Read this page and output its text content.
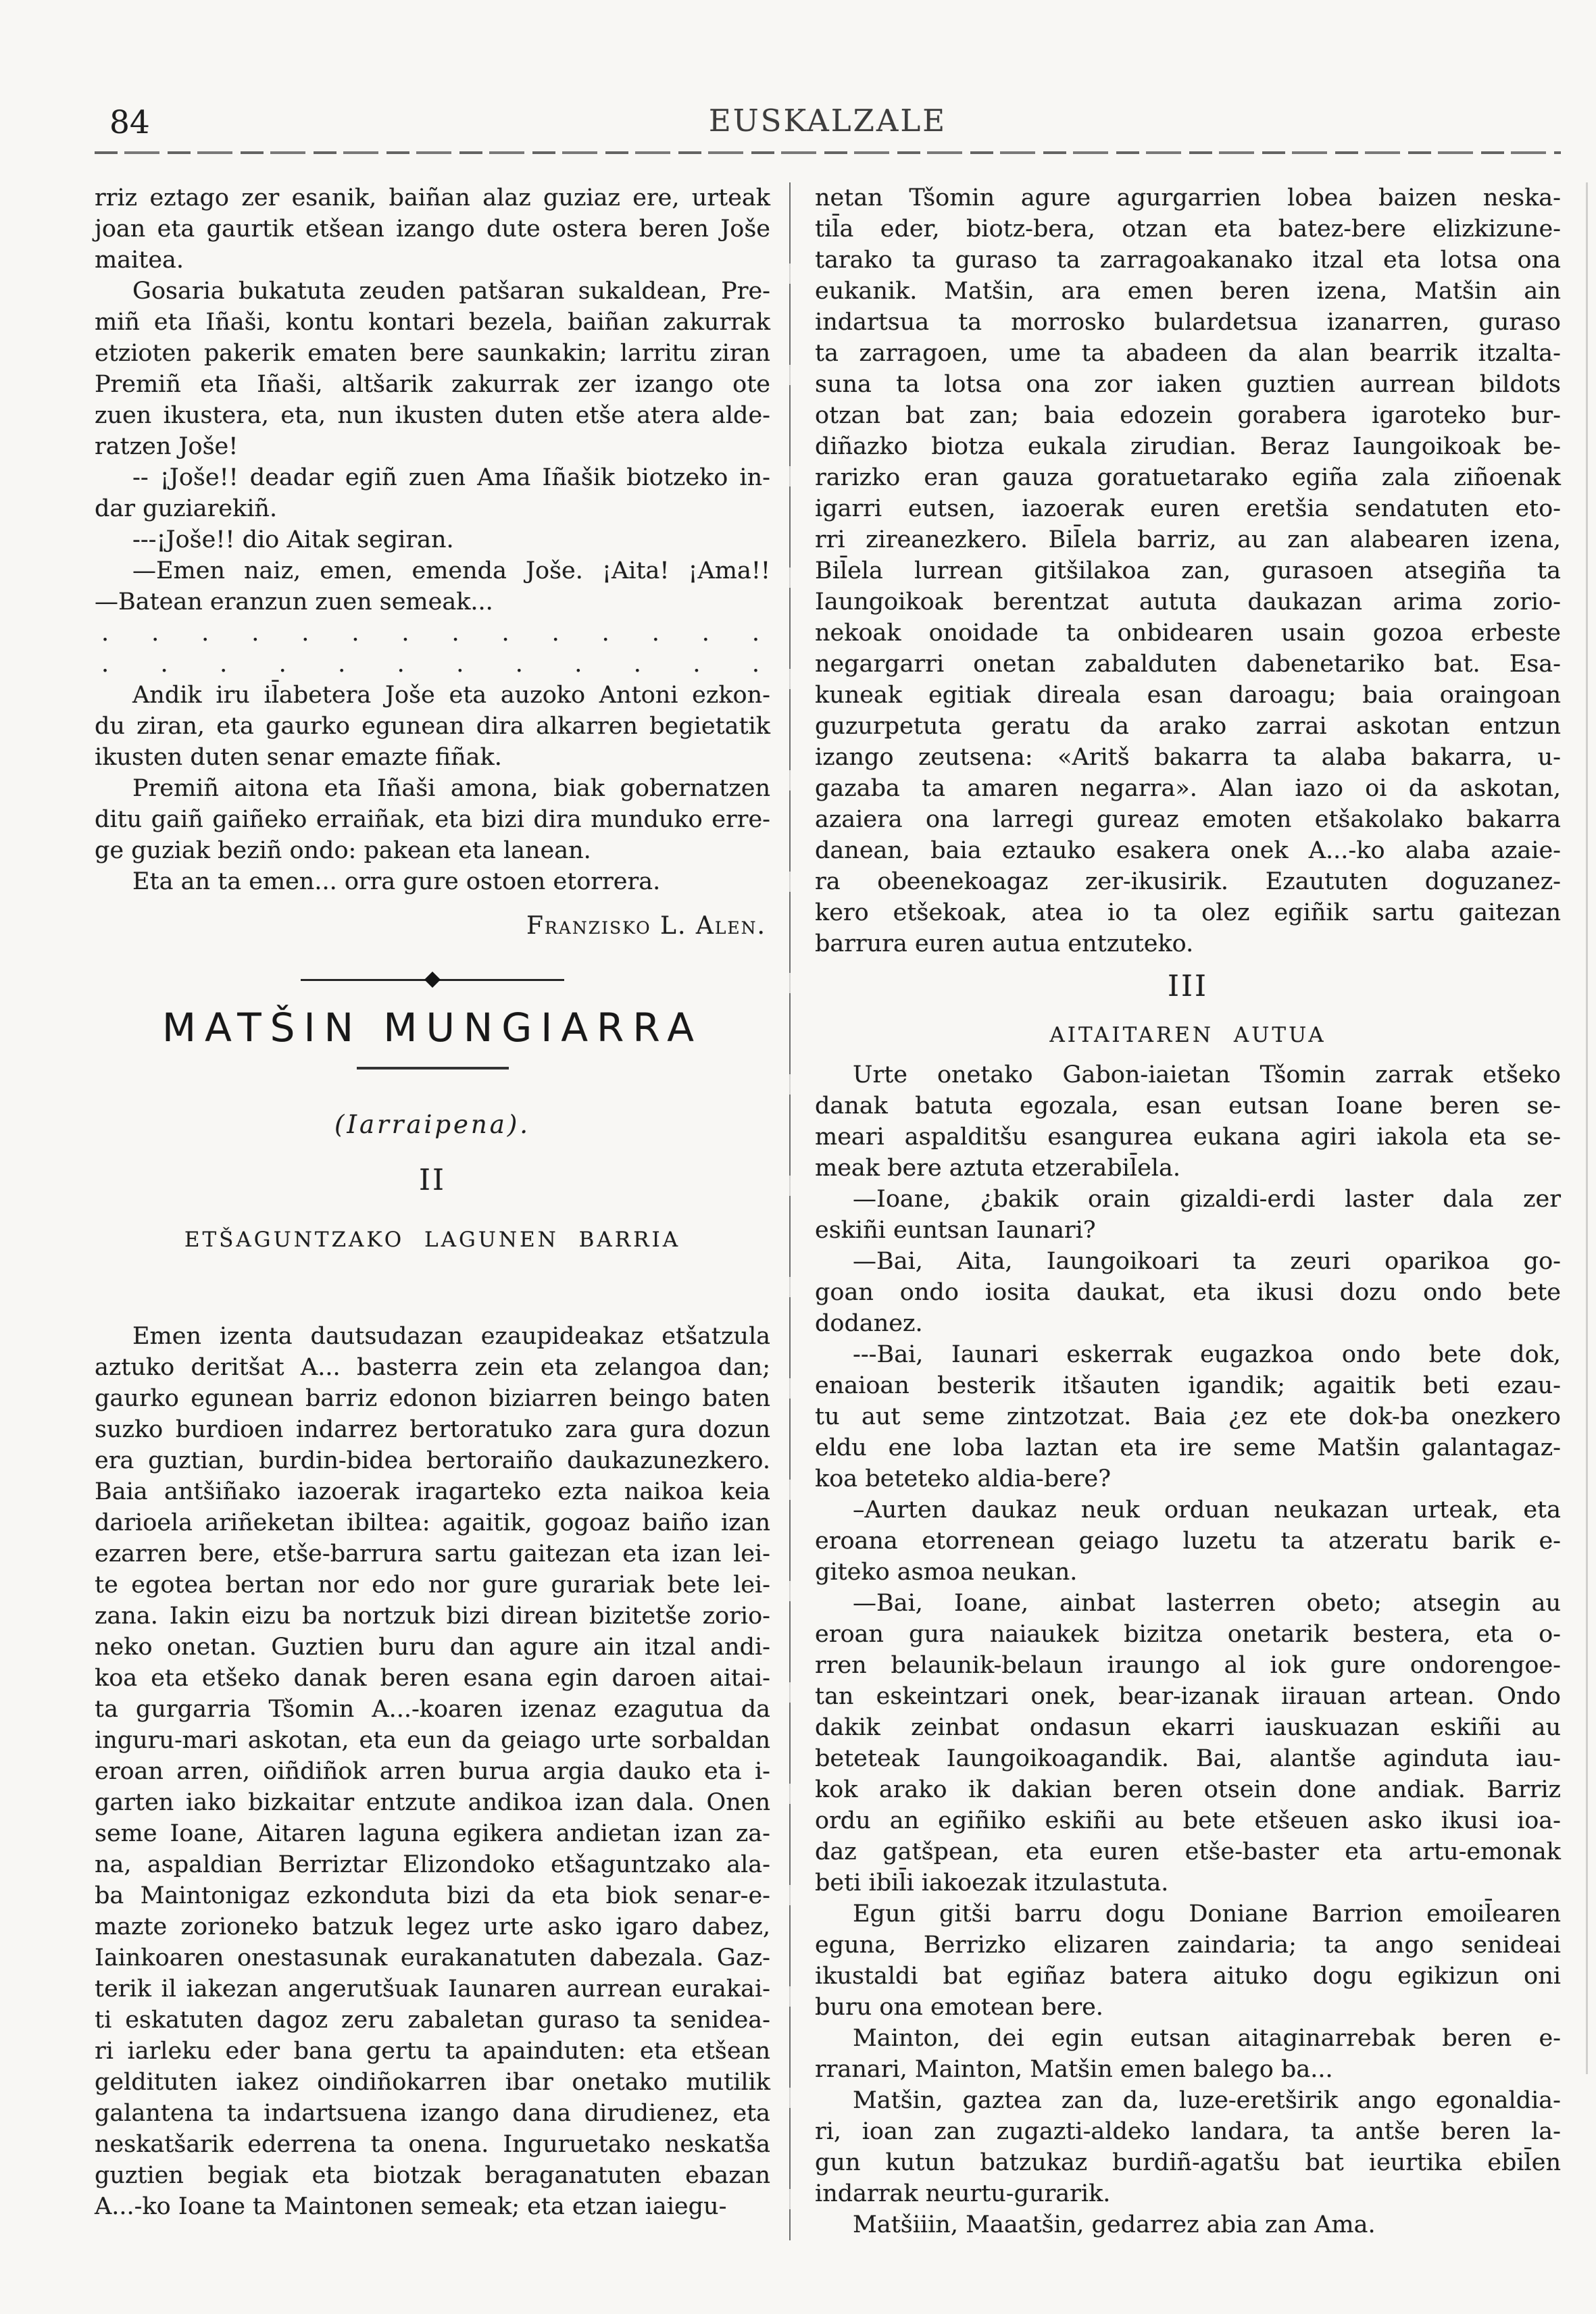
84	EUSKALZALE
rriz eztago zer esanik, baiñan alaz guziaz ere, urteak
joan eta gaurtik etšean izango dute ostera beren Joše
maitea.
Gosaria bukatuta zeuden patšaran sukaldean, Pre-
miñ eta Iñaši, kontu kontari bezela, baiñan zakurrak
etzioten pakerik ematen bere saunkakin; larritu ziran
Premiñ eta Iñaši, altšarik zakurrak zer izango ote
zuen ikustera, eta, nun ikusten duten etše atera alde-
ratzen Joše!
-- ¡Joše!! deadar egiñ zuen Ama Iñašik biotzeko in-
dar guziarekiñ.
---¡Joše!! dio Aitak segiran.
—Emen naiz, emen, emenda Joše. ¡Aita! ¡Ama!!
—Batean eranzun zuen semeak...
. . . . . . . . . . . . . .
. . . . . . . . . . . .
Andik iru il̄abetera Joše eta auzoko Antoni ezkon-
du ziran, eta gaurko egunean dira alkarren begietatik
ikusten duten senar emazte fiñak.
Premiñ aitona eta Iñaši amona, biak gobernatzen
ditu gaiñ gaiñeko erraiñak, eta bizi dira munduko erre-
ge guziak beziñ ondo: pakean eta lanean.
Eta an ta emen... orra gure ostoen etorrera.
Franzisko L. Alen.
MATŠIN MUNGIARRA
(Iarraipena).
II
ETŠAGUNTZAKO LAGUNEN BARRIA
Emen izenta dautsudazan ezaupideakaz etšatzula
aztuko deritšat A... basterra zein eta zelangoa dan;
gaurko egunean barriz edonon biziarren beingo baten
suzko burdioen indarrez bertoratuko zara gura dozun
era guztian, burdin-bidea bertoraiño daukazunezkero.
Baia antšiñako iazoerak iragarteko ezta naikoa keia
darioela ariñeketan ibiltea: agaitik, gogoaz baiño izan
ezarren bere, etše-barrura sartu gaitezan eta izan lei-
te egotea bertan nor edo nor gure gurariak bete lei-
zana. Iakin eizu ba nortzuk bizi direan bizitetše zorio-
neko onetan. Guztien buru dan agure ain itzal andi-
koa eta etšeko danak beren esana egin daroen aitai-
ta gurgarria Tšomin A...-koaren izenaz ezagutua da
inguru-mari askotan, eta eun da geiago urte sorbaldan
eroan arren, oiñdiñok arren burua argia dauko eta i-
garten iako bizkaitar entzute andikoa izan dala. Onen
seme Ioane, Aitaren laguna egikera andietan izan za-
na, aspaldian Berriztar Elizondoko etšaguntzako ala-
ba Maintonigaz ezkonduta bizi da eta biok senar-e-
mazte zorioneko batzuk legez urte asko igaro dabez,
Iainkoaren onestasunak eurakanatuten dabezala. Gaz-
terik il iakezan angerutšuak Iaunaren aurrean eurakai-
ti eskatuten dagoz zeru zabaletan guraso ta senidea-
ri iarleku eder bana gertu ta apainduten: eta etšean
geldituten iakez oindiñokarren ibar onetako mutilik
galantena ta indartsuena izango dana dirudienez, eta
neskatšarik ederrena ta onena. Inguruetako neskatša
guztien begiak eta biotzak beraganatuten ebazan
A...-ko Ioane ta Maintonen semeak; eta etzan iaiegu-
netan Tšomin agure agurgarrien lobea baizen neska-
til̄a eder, biotz-bera, otzan eta batez-bere elizkizune-
tarako ta guraso ta zarragoakanako itzal eta lotsa ona
eukanik. Matšin, ara emen beren izena, Matšin ain
indartsua ta morrosko bulardetsua izanarren, guraso
ta zarragoen, ume ta abadeen da alan bearrik itzalta-
suna ta lotsa ona zor iaken guztien aurrean bildots
otzan bat zan; baia edozein gorabera igaroteko bur-
diñazko biotza eukala zirudian. Beraz Iaungoikoak be-
rarizko eran gauza goratuetarako egiña zala ziñoenak
igarri eutsen, iazoerak euren eretšia sendatuten eto-
rri zireanezkero. Bil̄ela barriz, au zan alabearen izena,
Bil̄ela lurrean gitšilakoa zan, gurasoen atsegiña ta
Iaungoikoak berentzat aututa daukazan arima zorio-
nekoak onoidade ta onbidearen usain gozoa erbeste
negargarri onetan zabalduten dabenetariko bat. Esa-
kuneak egitiak direala esan daroagu; baia oraingoan
guzurpetuta geratu da arako zarrai askotan entzun
izango zeutsena: «Aritš bakarra ta alaba bakarra, u-
gazaba ta amaren negarra». Alan iazo oi da askotan,
azaiera ona larregi gureaz emoten etšakolako bakarra
danean, baia eztauko esakera onek A...-ko alaba azaie-
ra obeenekoagaz zer-ikusirik. Ezaututen doguzanez-
kero etšekoak, atea io ta olez egiñik sartu gaitezan
barrura euren autua entzuteko.
III
AITAITAREN AUTUA
Urte onetako Gabon-iaietan Tšomin zarrak etšeko
danak batuta egozala, esan eutsan Ioane beren se-
meari aspalditšu esangurea eukana agiri iakola eta se-
meak bere aztuta etzerabil̄ela.
—Ioane, ¿bakik orain gizaldi-erdi laster dala zer
eskiñi euntsan Iaunari?
—Bai, Aita, Iaungoikoari ta zeuri oparikoa go-
goan ondo iosita daukat, eta ikusi dozu ondo bete
dodanez.
---Bai, Iaunari eskerrak eugazkoa ondo bete dok,
enaioan besterik itšauten igandik; agaitik beti ezau-
tu aut seme zintzotzat. Baia ¿ez ete dok-ba onezkero
eldu ene loba laztan eta ire seme Matšin galantagaz-
koa beteteko aldia-bere?
–Aurten daukaz neuk orduan neukazan urteak, eta
eroana etorrenean geiago luzetu ta atzeratu barik e-
giteko asmoa neukan.
—Bai, Ioane, ainbat lasterren obeto; atsegin au
eroan gura naiaukek bizitza onetarik bestera, eta o-
rren belaunik-belaun iraungo al iok gure ondorengoe-
tan eskeintzari onek, bear-izanak iirauan artean. Ondo
dakik zeinbat ondasun ekarri iauskuazan eskiñi au
beteteak Iaungoikoagandik. Bai, alantše aginduta iau-
kok arako ik dakian beren otsein done andiak. Barriz
ordu an egiñiko eskiñi au bete etšeuen asko ikusi ioa-
daz gatšpean, eta euren etše-baster eta artu-emonak
beti ibil̄i iakoezak itzulastuta.
Egun gitši barru dogu Doniane Barrion emoil̄earen
eguna, Berrizko elizaren zaindaria; ta ango senideai
ikustaldi bat egiñaz batera aituko dogu egikizun oni
buru ona emotean bere.
Mainton, dei egin eutsan aitaginarrebak beren e-
rranari, Mainton, Matšin emen balego ba...
Matšin, gaztea zan da, luze-eretširik ango egonaldia-
ri, ioan zan zugazti-aldeko landara, ta antše beren la-
gun kutun batzukaz burdiñ-agatšu bat ieurtika ebil̄en
indarrak neurtu-gurarik.
Matšiiin, Maaatšin, gedarrez abia zan Ama.
